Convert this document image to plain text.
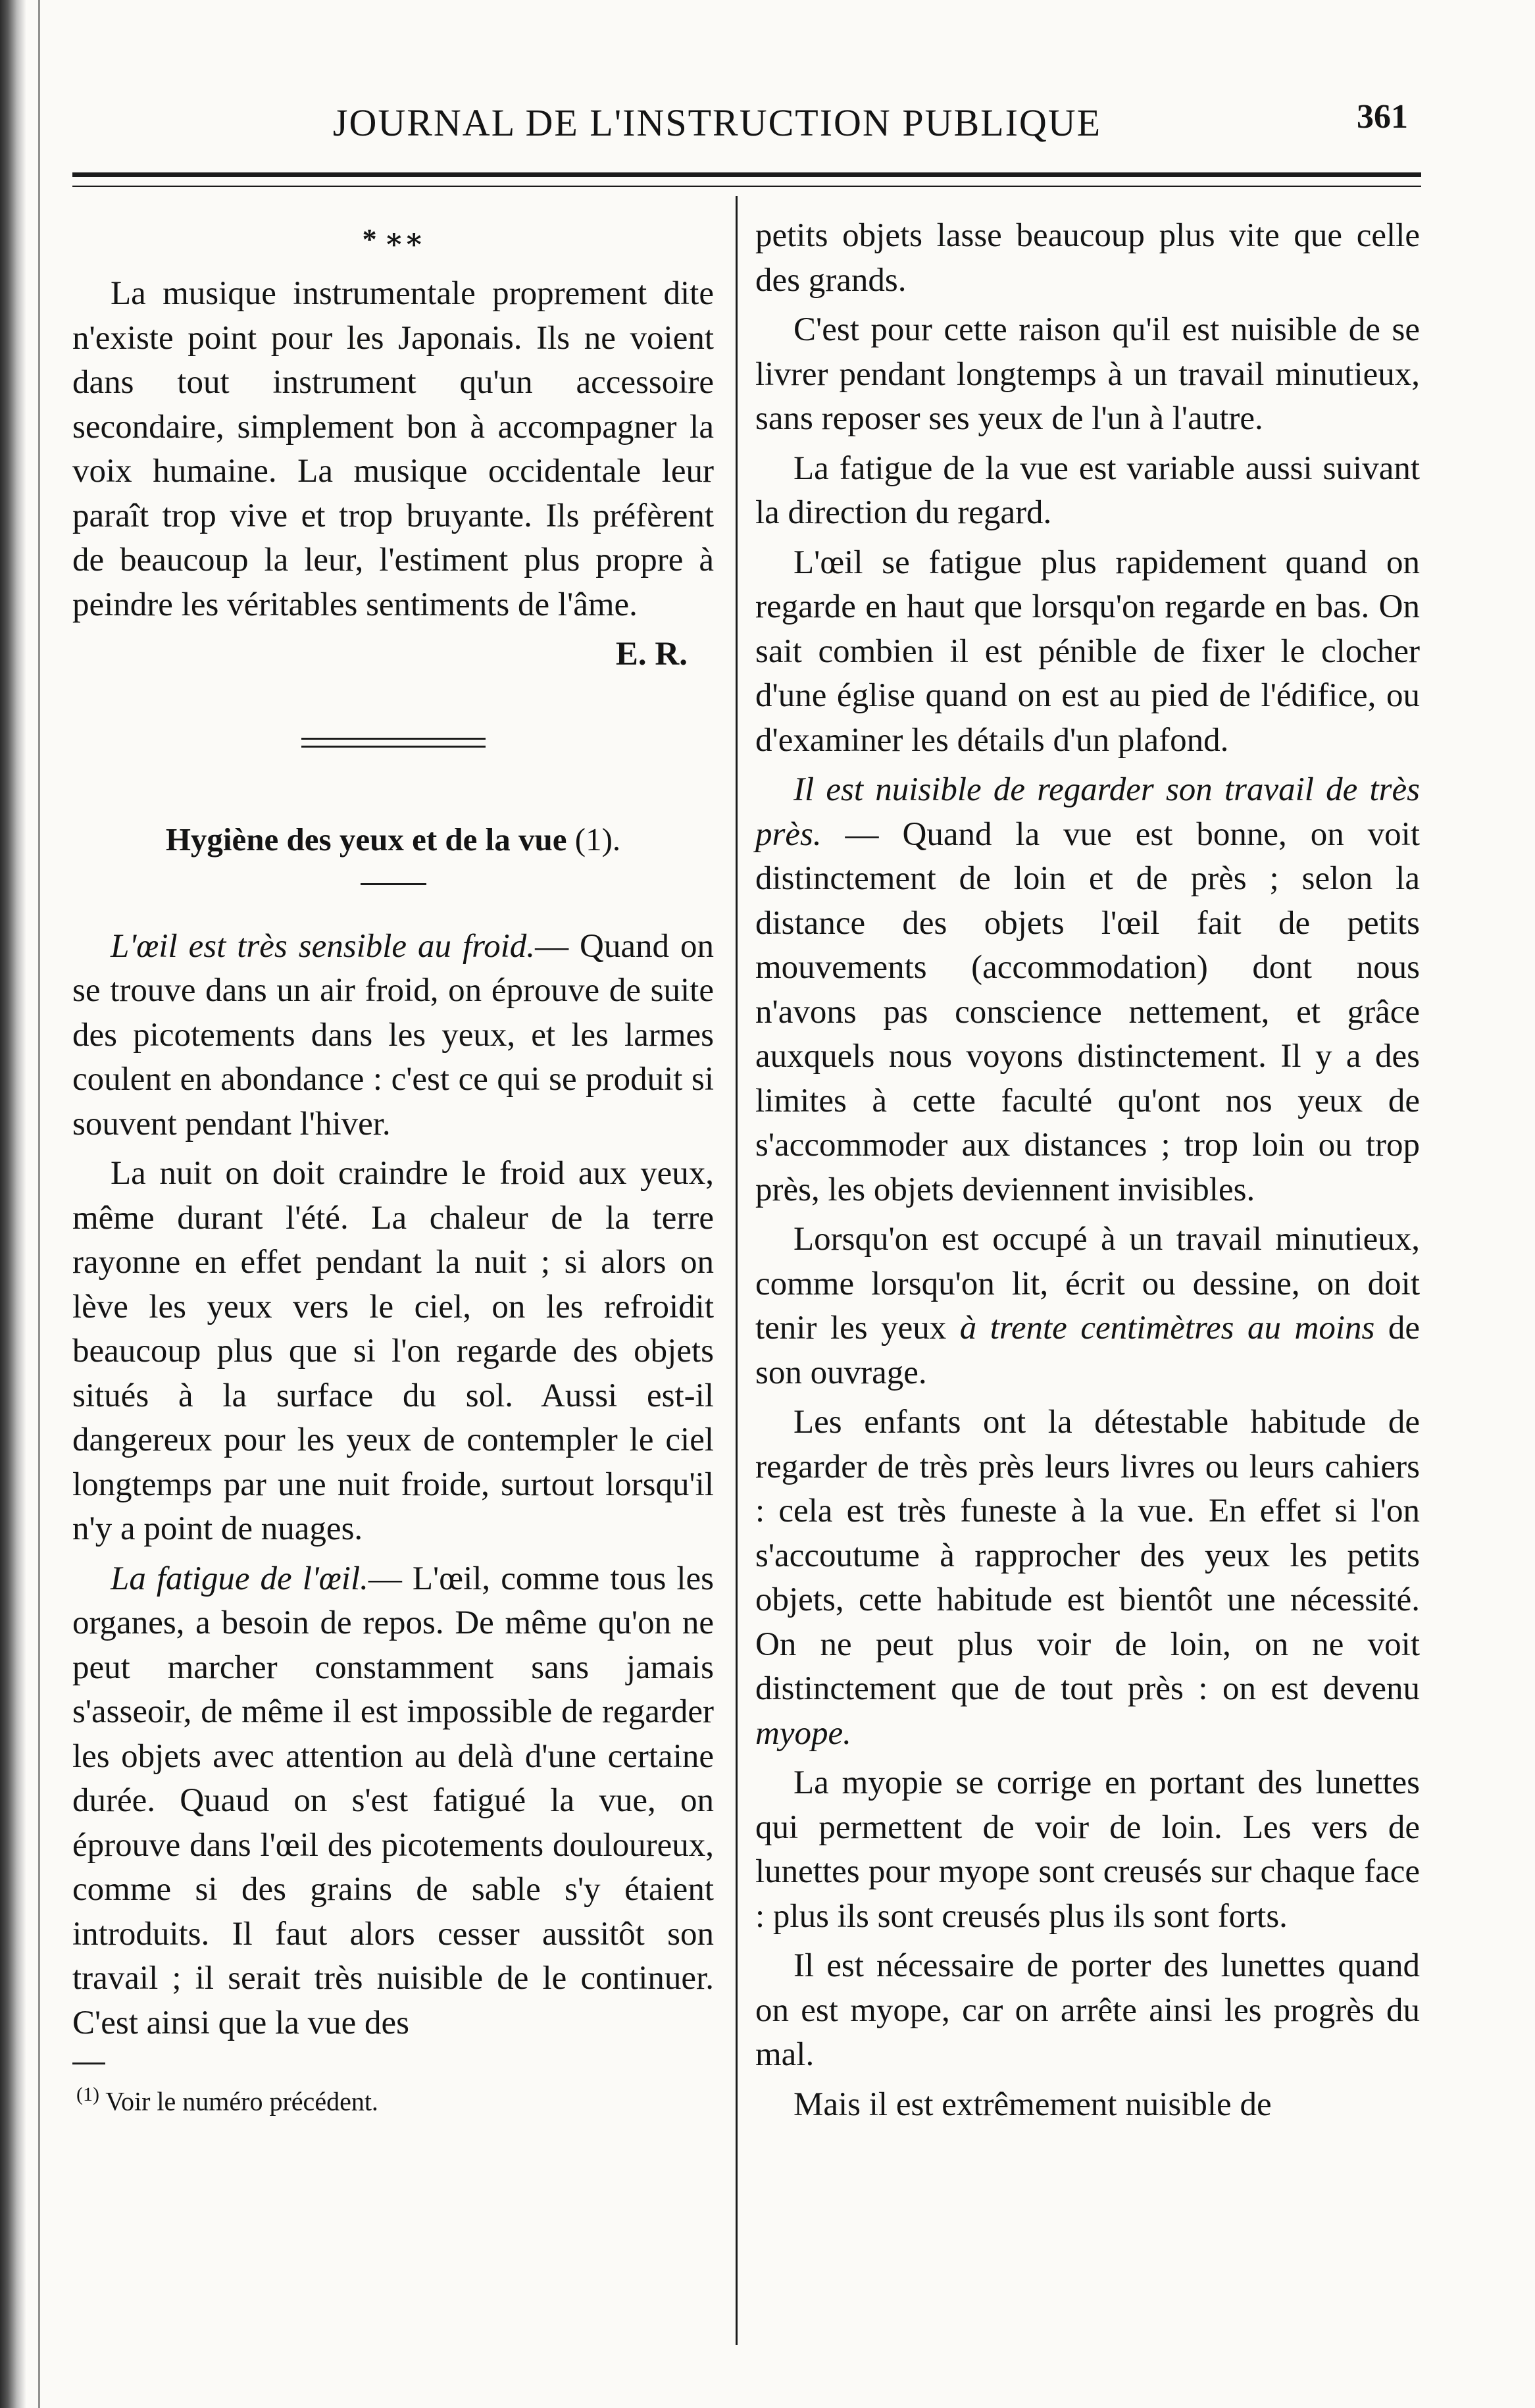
JOURNAL DE L'INSTRUCTION PUBLIQUE	361
* ∗∗

La musique instrumentale proprement dite n'existe point pour les Japonais. Ils ne voient dans tout instrument qu'un accessoire secondaire, simplement bon à accompagner la voix humaine. La musique occidentale leur paraît trop vive et trop bruyante. Ils préfèrent de beaucoup la leur, l'estiment plus propre à peindre les véritables sentiments de l'âme.

E. R.

Hygiène des yeux et de la vue (1).

L'œil est très sensible au froid.— Quand on se trouve dans un air froid, on éprouve de suite des picotements dans les yeux, et les larmes coulent en abondance : c'est ce qui se produit si souvent pendant l'hiver.

La nuit on doit craindre le froid aux yeux, même durant l'été. La chaleur de la terre rayonne en effet pendant la nuit ; si alors on lève les yeux vers le ciel, on les refroidit beaucoup plus que si l'on regarde des objets situés à la surface du sol. Aussi est-il dangereux pour les yeux de contempler le ciel longtemps par une nuit froide, surtout lorsqu'il n'y a point de nuages.

La fatigue de l'œil.— L'œil, comme tous les organes, a besoin de repos. De même qu'on ne peut marcher constamment sans jamais s'asseoir, de même il est impossible de regarder les objets avec attention au delà d'une certaine durée. Quaud on s'est fatigué la vue, on éprouve dans l'œil des picotements douloureux, comme si des grains de sable s'y étaient introduits. Il faut alors cesser aussitôt son travail ; il serait très nuisible de le continuer. C'est ainsi que la vue des

$^{(1)}$ Voir le numéro précédent.

petits objets lasse beaucoup plus vite que celle des grands.

C'est pour cette raison qu'il est nuisible de se livrer pendant longtemps à un travail minutieux, sans reposer ses yeux de l'un à l'autre.

La fatigue de la vue est variable aussi suivant la direction du regard.

L'œil se fatigue plus rapidement quand on regarde en haut que lorsqu'on regarde en bas. On sait combien il est pénible de fixer le clocher d'une église quand on est au pied de l'édifice, ou d'examiner les détails d'un plafond.

Il est nuisible de regarder son travail de très près. — Quand la vue est bonne, on voit distinctement de loin et de près ; selon la distance des objets l'œil fait de petits mouvements (accommodation) dont nous n'avons pas conscience nettement, et grâce auxquels nous voyons distinctement. Il y a des limites à cette faculté qu'ont nos yeux de s'accommoder aux distances ; trop loin ou trop près, les objets deviennent invisibles.

Lorsqu'on est occupé à un travail minutieux, comme lorsqu'on lit, écrit ou dessine, on doit tenir les yeux à trente centimètres au moins de son ouvrage.

Les enfants ont la détestable habitude de regarder de très près leurs livres ou leurs cahiers : cela est très funeste à la vue. En effet si l'on s'accoutume à rapprocher des yeux les petits objets, cette habitude est bientôt une nécessité. On ne peut plus voir de loin, on ne voit distinctement que de tout près : on est devenu myope.

La myopie se corrige en portant des lunettes qui permettent de voir de loin. Les vers de lunettes pour myope sont creusés sur chaque face : plus ils sont creusés plus ils sont forts.

Il est nécessaire de porter des lunettes quand on est myope, car on arrête ainsi les progrès du mal.

Mais il est extrêmement nuisible de
